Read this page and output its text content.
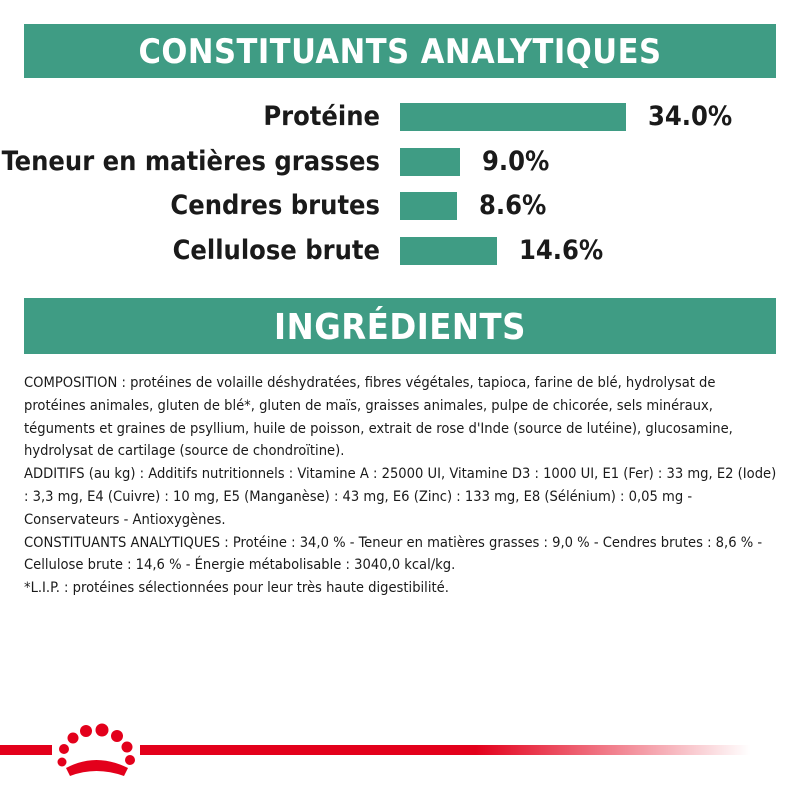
CONSTITUANTS ANALYTIQUES
Protéine	34.0%
Teneur en matières grasses	9.0%
Cendres brutes	8.6%
Cellulose brute	14.6%
INGRÉDIENTS

COMPOSITION : protéines de volaille déshydratées, fibres végétales, tapioca, farine de blé, hydrolysat de protéines animales, gluten de blé*, gluten de maïs, graisses animales, pulpe de chicorée, sels minéraux, téguments et graines de psyllium, huile de poisson, extrait de rose d'Inde (source de lutéine), glucosamine, hydrolysat de cartilage (source de chondroïtine).

ADDITIFS (au kg) : Additifs nutritionnels : Vitamine A : 25000 UI, Vitamine D3 : 1000 UI, E1 (Fer) : 33 mg, E2 (Iode) : 3,3 mg, E4 (Cuivre) : 10 mg, E5 (Manganèse) : 43 mg, E6 (Zinc) : 133 mg, E8 (Sélénium) : 0,05 mg - Conservateurs - Antioxygènes.

CONSTITUANTS ANALYTIQUES : Protéine : 34,0 % - Teneur en matières grasses : 9,0 % - Cendres brutes : 8,6 % - Cellulose brute : 14,6 % - Énergie métabolisable : 3040,0 kcal/kg.

*L.I.P. : protéines sélectionnées pour leur très haute digestibilité.
